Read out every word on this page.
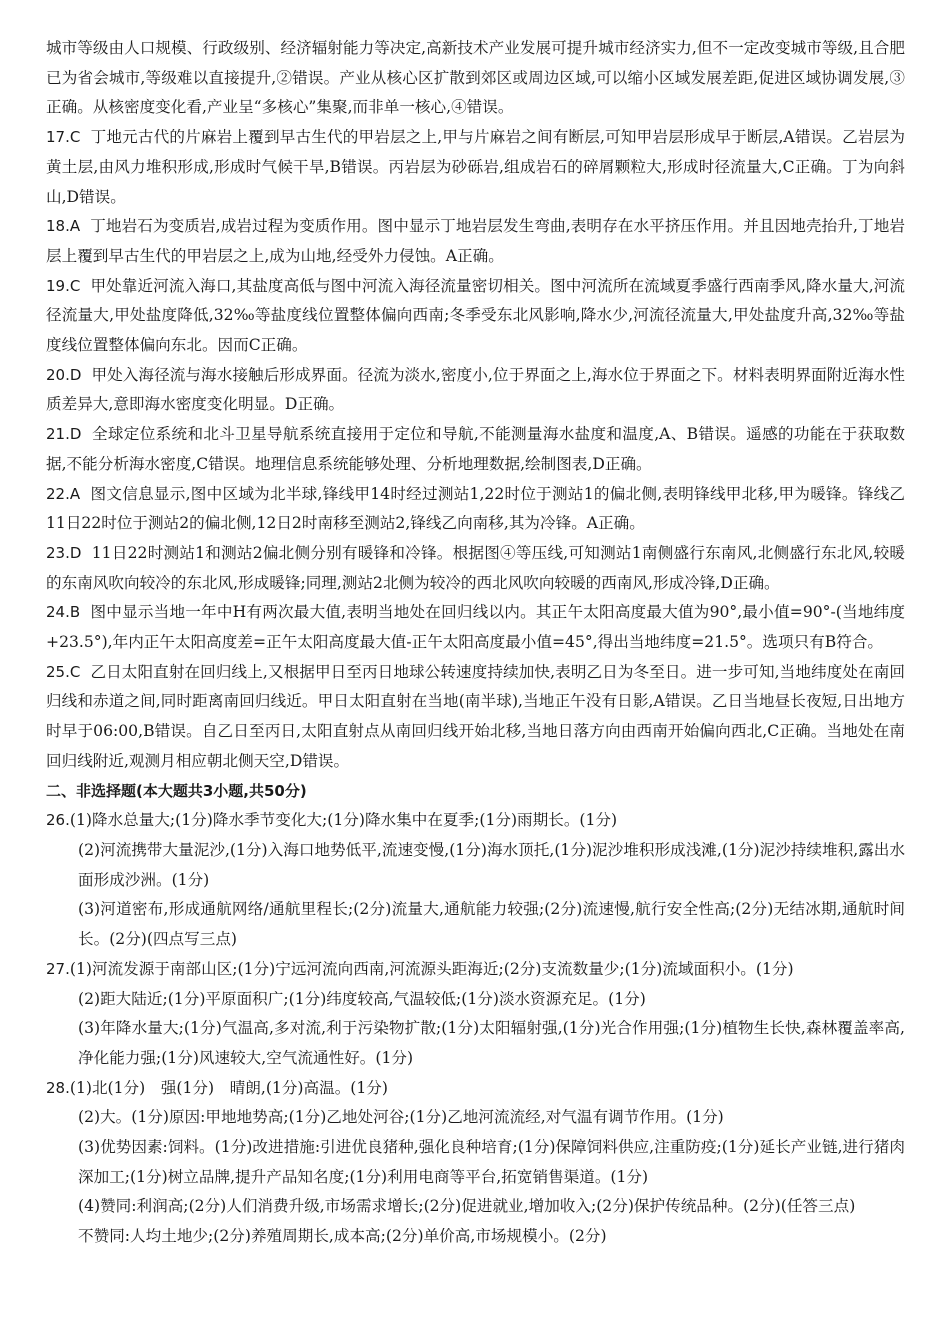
城市等级由人口规模、行政级别、经济辐射能力等决定,高新技术产业发展可提升城市经济实力,但不一定改变城市等级,且合肥已为省会城市,等级难以直接提升,②错误。产业从核心区扩散到郊区或周边区域,可以缩小区域发展差距,促进区域协调发展,③正确。从核密度变化看,产业呈“多核心”集聚,而非单一核心,④错误。

17.C 丁地元古代的片麻岩上覆到早古生代的甲岩层之上,甲与片麻岩之间有断层,可知甲岩层形成早于断层,A错误。乙岩层为黄土层,由风力堆积形成,形成时气候干旱,B错误。丙岩层为砂砾岩,组成岩石的碎屑颗粒大,形成时径流量大,C正确。丁为向斜山,D错误。

18.A 丁地岩石为变质岩,成岩过程为变质作用。图中显示丁地岩层发生弯曲,表明存在水平挤压作用。并且因地壳抬升,丁地岩层上覆到早古生代的甲岩层之上,成为山地,经受外力侵蚀。A正确。

19.C 甲处靠近河流入海口,其盐度高低与图中河流入海径流量密切相关。图中河流所在流域夏季盛行西南季风,降水量大,河流径流量大,甲处盐度降低,32‰等盐度线位置整体偏向西南;冬季受东北风影响,降水少,河流径流量大,甲处盐度升高,32‰等盐度线位置整体偏向东北。因而C正确。

20.D 甲处入海径流与海水接触后形成界面。径流为淡水,密度小,位于界面之上,海水位于界面之下。材料表明界面附近海水性质差异大,意即海水密度变化明显。D正确。

21.D 全球定位系统和北斗卫星导航系统直接用于定位和导航,不能测量海水盐度和温度,A、B错误。遥感的功能在于获取数据,不能分析海水密度,C错误。地理信息系统能够处理、分析地理数据,绘制图表,D正确。

22.A 图文信息显示,图中区域为北半球,锋线甲14时经过测站1,22时位于测站1的偏北侧,表明锋线甲北移,甲为暖锋。锋线乙11日22时位于测站2的偏北侧,12日2时南移至测站2,锋线乙向南移,其为冷锋。A正确。

23.D 11日22时测站1和测站2偏北侧分别有暖锋和冷锋。根据图④等压线,可知测站1南侧盛行东南风,北侧盛行东北风,较暖的东南风吹向较冷的东北风,形成暖锋;同理,测站2北侧为较冷的西北风吹向较暖的西南风,形成冷锋,D正确。

24.B 图中显示当地一年中H有两次最大值,表明当地处在回归线以内。其正午太阳高度最大值为90°,最小值=90°-(当地纬度+23.5°),年内正午太阳高度差=正午太阳高度最大值-正午太阳高度最小值=45°,得出当地纬度=21.5°。选项只有B符合。

25.C 乙日太阳直射在回归线上,又根据甲日至丙日地球公转速度持续加快,表明乙日为冬至日。进一步可知,当地纬度处在南回归线和赤道之间,同时距离南回归线近。甲日太阳直射在当地(南半球),当地正午没有日影,A错误。乙日当地昼长夜短,日出地方时早于06:00,B错误。自乙日至丙日,太阳直射点从南回归线开始北移,当地日落方向由西南开始偏向西北,C正确。当地处在南回归线附近,观测月相应朝北侧天空,D错误。

二、非选择题(本大题共3小题,共50分)

26.(1)降水总量大;(1分)降水季节变化大;(1分)降水集中在夏季;(1分)雨期长。(1分)

(2)河流携带大量泥沙,(1分)入海口地势低平,流速变慢,(1分)海水顶托,(1分)泥沙堆积形成浅滩,(1分)泥沙持续堆积,露出水面形成沙洲。(1分)

(3)河道密布,形成通航网络/通航里程长;(2分)流量大,通航能力较强;(2分)流速慢,航行安全性高;(2分)无结冰期,通航时间长。(2分)(四点写三点)

27.(1)河流发源于南部山区;(1分)宁远河流向西南,河流源头距海近;(2分)支流数量少;(1分)流域面积小。(1分)

(2)距大陆近;(1分)平原面积广;(1分)纬度较高,气温较低;(1分)淡水资源充足。(1分)

(3)年降水量大;(1分)气温高,多对流,利于污染物扩散;(1分)太阳辐射强,(1分)光合作用强;(1分)植物生长快,森林覆盖率高,净化能力强;(1分)风速较大,空气流通性好。(1分)

28.(1)北(1分)　强(1分)　晴朗,(1分)高温。(1分)

(2)大。(1分)原因:甲地地势高;(1分)乙地处河谷;(1分)乙地河流流经,对气温有调节作用。(1分)

(3)优势因素:饲料。(1分)改进措施:引进优良猪种,强化良种培育;(1分)保障饲料供应,注重防疫;(1分)延长产业链,进行猪肉深加工;(1分)树立品牌,提升产品知名度;(1分)利用电商等平台,拓宽销售渠道。(1分)

(4)赞同:利润高;(2分)人们消费升级,市场需求增长;(2分)促进就业,增加收入;(2分)保护传统品种。(2分)(任答三点)

不赞同:人均土地少;(2分)养殖周期长,成本高;(2分)单价高,市场规模小。(2分)
